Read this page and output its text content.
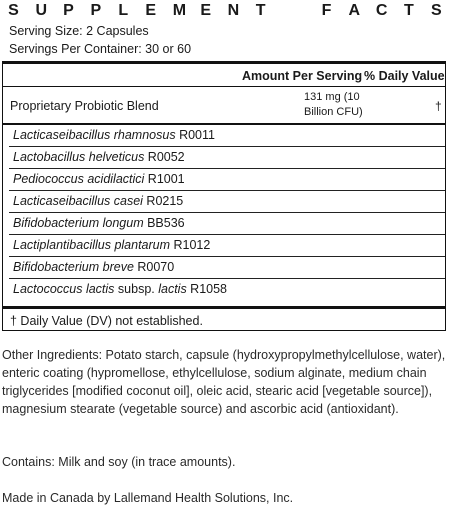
S U P P L E M E N T	F A C T S
Serving Size: 2 Capsules
Servings Per Container: 30 or 60
Amount Per Serving % Daily Value
Proprietary Probiotic Blend
131 mg (10
Billion CFU)	†
Lacticaseibacillus rhamnosus R0011
Lactobacillus helveticus R0052
Pediococcus acidilactici R1001
Lacticaseibacillus casei R0215
Bifidobacterium longum BB536
Lactiplantibacillus plantarum R1012
Bifidobacterium breve R0070
Lactococcus lactis subsp. lactis R1058
† Daily Value (DV) not established.
Other Ingredients: Potato starch, capsule (hydroxypropylmethylcellulose, water), enteric coating (hypromellose, ethylcellulose, sodium alginate, medium chain triglycerides [modified coconut oil], oleic acid, stearic acid [vegetable source]), magnesium stearate (vegetable source) and ascorbic acid (antioxidant).
Contains: Milk and soy (in trace amounts).
Made in Canada by Lallemand Health Solutions, Inc.
